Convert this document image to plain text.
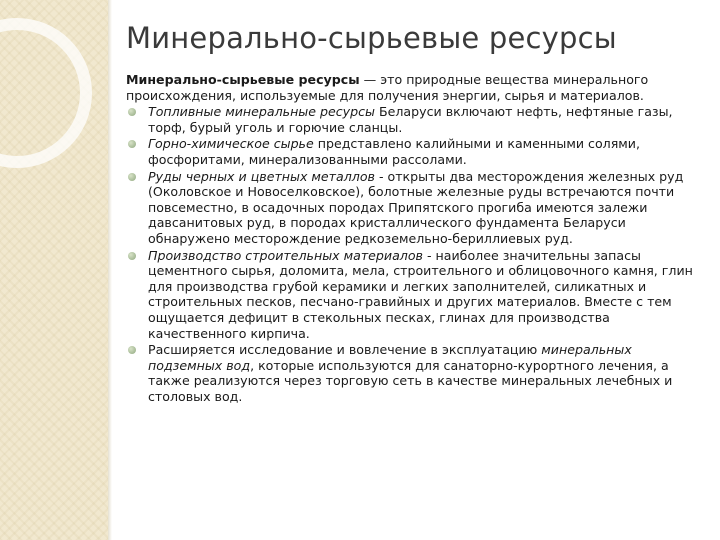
Минерально-сырьевые ресурсы

Минерально-сырьевые ресурсы — это природные вещества минерального происхождения, используемые для получения энергии, сырья и материалов.

Топливные минеральные ресурсы Беларуси включают нефть, нефтяные газы, торф, бурый уголь и горючие сланцы.
Горно-химическое сырье представлено калийными и каменными солями, фосфоритами, минерализованными рассолами.
Руды черных и цветных металлов - открыты два месторождения железных руд (Околовское и Новоселковское), болотные железные руды встречаются почти повсеместно, в осадочных породах Припятского прогиба имеются залежи давсанитовых руд, в породах кристаллического фундамента Беларуси обнаружено месторождение редкоземельно-бериллиевых руд.
Производство строительных материалов - наиболее значительны запасы цементного сырья, доломита, мела, строительного и облицовочного камня, глин для производства грубой керамики и легких заполнителей, силикатных и строительных песков, песчано-гравийных и других материалов. Вместе с тем ощущается дефицит в стекольных песках, глинах для производства качественного кирпича.
Расширяется исследование и вовлечение в эксплуатацию минеральных подземных вод, которые используются для санаторно-курортного лечения, а также реализуются через торговую сеть в качестве минеральных лечебных и столовых вод.
